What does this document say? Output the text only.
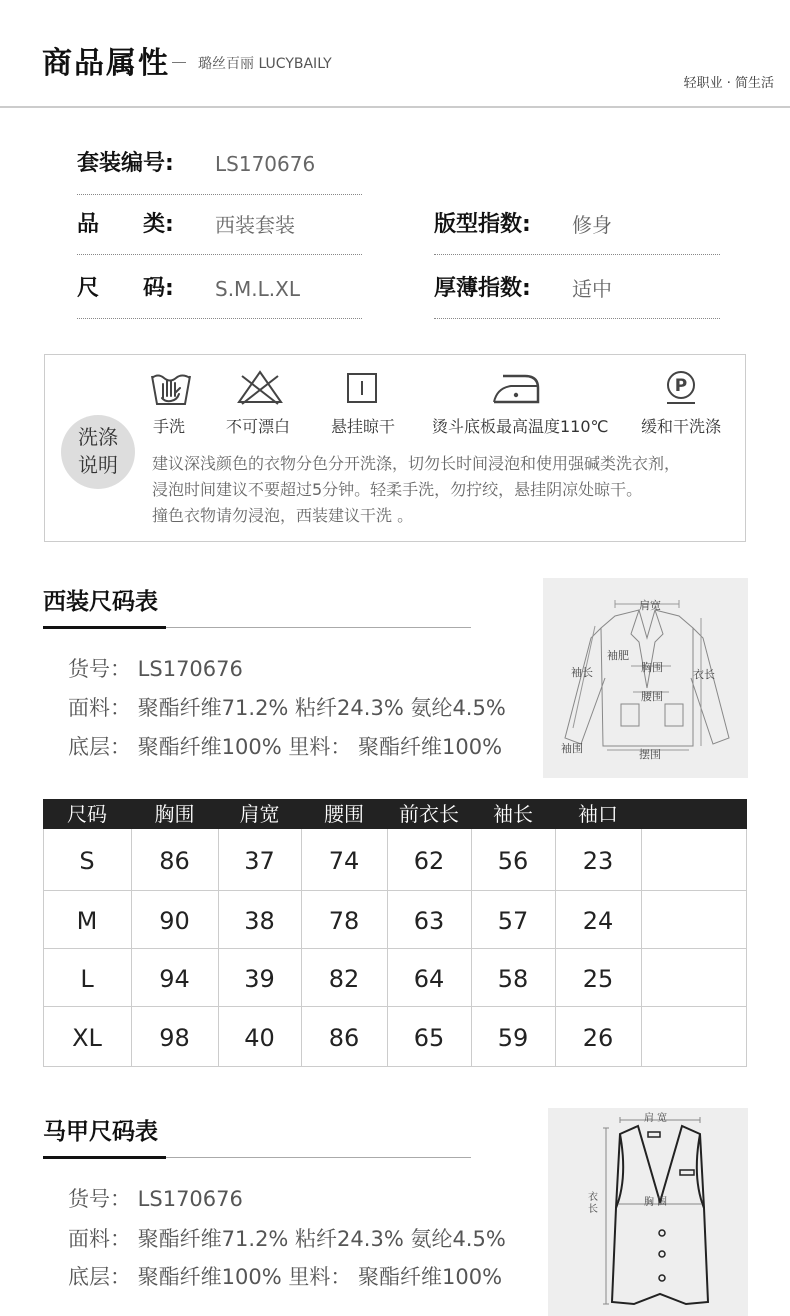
商品属性 璐丝百丽 LUCYBAILY
轻职业 · 简生活
套装编号: LS170676
品　　类: 西装套装	版型指数: 修身
尺　　码: S.M.L.XL	厚薄指数: 适中
洗涤
说明
P
手洗	不可漂白	悬挂晾干 烫斗底板最高温度110℃ 缓和干洗涤
建议深浅颜色的衣物分色分开洗涤，切勿长时间浸泡和使用强碱类洗衣剂，
浸泡时间建议不要超过5分钟。轻柔手洗，勿拧绞，悬挂阴凉处晾干。
撞色衣物请勿浸泡，西装建议干洗 。
西装尺码表
货号： LS170676
面料： 聚酯纤维71.2% 粘纤24.3% 氨纶4.5%
底层： 聚酯纤维100% 里料： 聚酯纤维100%
肩宽
袖肥
胸围
袖长
腰围
衣长
袖围	摆围
尺码	胸围	肩宽	腰围	前衣长	袖长	袖口
S	86	37	74	62	56	23
M	90	38	78	63	57	24
L	94	39	82	64	58	25
XL	98	40	86	65	59	26
马甲尺码表
货号： LS170676
面料： 聚酯纤维71.2% 粘纤24.3% 氨纶4.5%
底层： 聚酯纤维100% 里料： 聚酯纤维100%
肩 宽
胸 围
衣长
